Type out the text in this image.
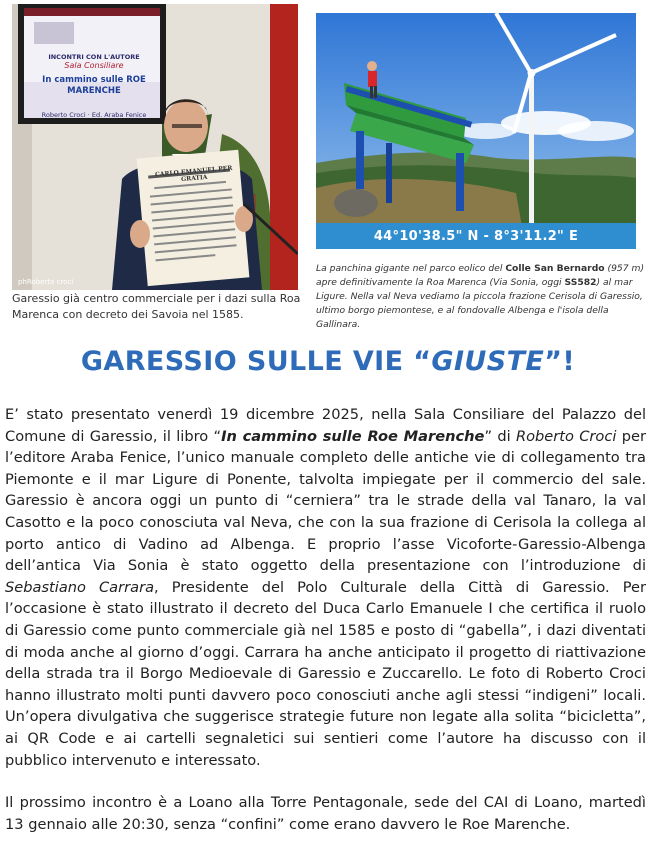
INCONTRI CON L'AUTORE
Sala Consiliare
In cammino sulle ROE MARENCHE
Roberto Croci · Ed. Araba Fenice
CARLO EMANUEL PER GRATIA
phRoberto croci
44°10'38.5" N - 8°3'11.2" E
Garessio già centro commerciale per i dazi sulla Roa Marenca con decreto dei Savoia nel 1585.
La panchina gigante nel parco eolico del Colle San Bernardo (957 m) apre definitivamente la Roa Marenca (Via Sonia, oggi SS582) al mar Ligure. Nella val Neva vediamo la piccola frazione Cerisola di Garessio, ultimo borgo piemontese, e al fondovalle Albenga e l'isola della Gallinara.
GARESSIO SULLE VIE “GIUSTE”!

E’ stato presentato venerdì 19 dicembre 2025, nella Sala Consiliare del Palazzo del Comune di Garessio, il libro “In cammino sulle Roe Marenche” di Roberto Croci per l’editore Araba Fenice, l’unico manuale completo delle antiche vie di collegamento tra Piemonte e il mar Ligure di Ponente, talvolta impiegate per il commercio del sale. Garessio è ancora oggi un punto di “cerniera” tra le strade della val Tanaro, la val Casotto e la poco conosciuta val Neva, che con la sua frazione di Cerisola la collega al porto antico di Vadino ad Albenga. E proprio l’asse Vicoforte-Garessio-Albenga dell’antica Via Sonia è stato oggetto della presentazione con l’introduzione di Sebastiano Carrara, Presidente del Polo Culturale della Città di Garessio. Per l’occasione è stato illustrato il decreto del Duca Carlo Emanuele I che certifica il ruolo di Garessio come punto commerciale già nel 1585 e posto di “gabella”, i dazi diventati di moda anche al giorno d’oggi. Carrara ha anche anticipato il progetto di riattivazione della strada tra il Borgo Medioevale di Garessio e Zuccarello. Le foto di Roberto Croci hanno illustrato molti punti davvero poco conosciuti anche agli stessi “indigeni” locali. Un’opera divulgativa che suggerisce strategie future non legate alla solita “bicicletta”, ai QR Code e ai cartelli segnaletici sui sentieri come l’autore ha discusso con il pubblico intervenuto e interessato.

Il prossimo incontro è a Loano alla Torre Pentagonale, sede del CAI di Loano, martedì 13 gennaio alle 20:30, senza “confini” come erano davvero le Roe Marenche.
